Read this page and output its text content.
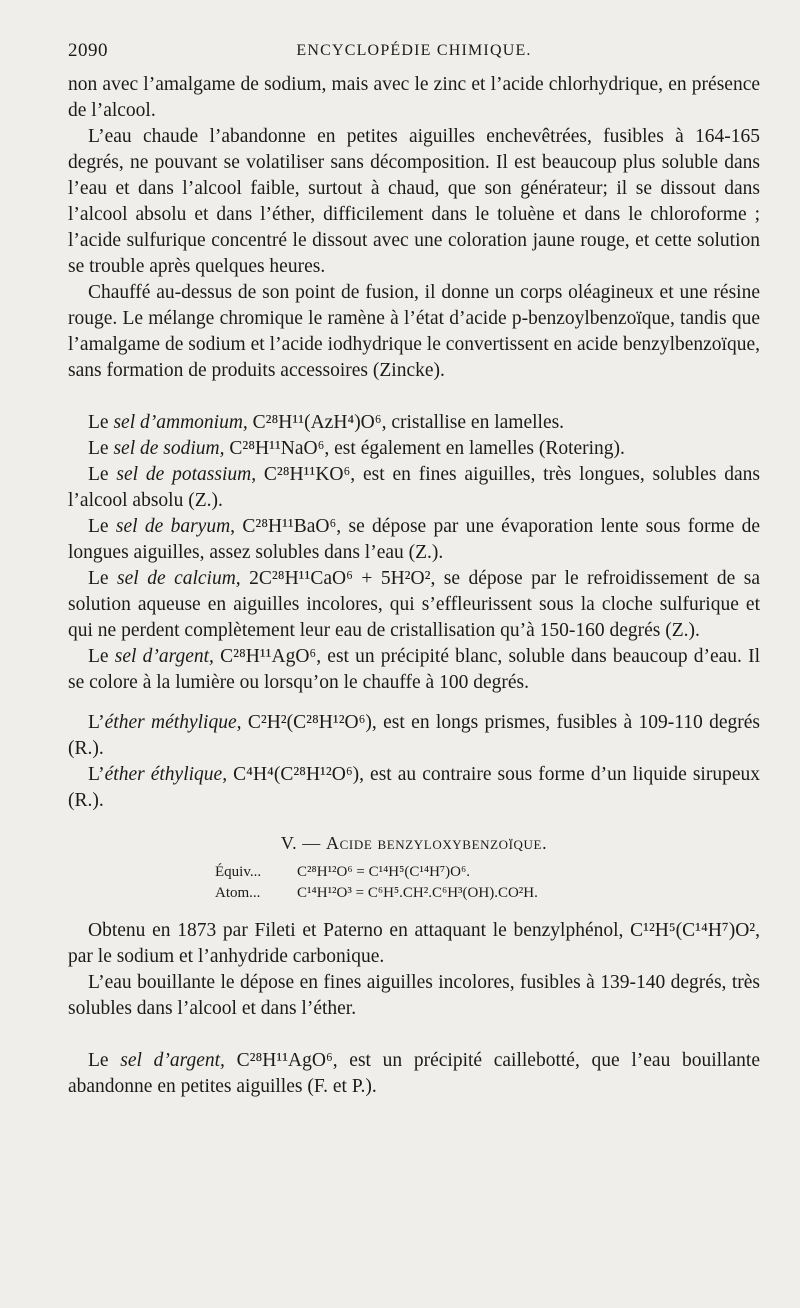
2090	ENCYCLOPÉDIE CHIMIQUE.

non avec l’amalgame de sodium, mais avec le zinc et l’acide chlorhydrique, en présence de l’alcool.

L’eau chaude l’abandonne en petites aiguilles enchevêtrées, fusibles à 164-165 degrés, ne pouvant se volatiliser sans décomposition. Il est beaucoup plus soluble dans l’eau et dans l’alcool faible, surtout à chaud, que son générateur; il se dissout dans l’alcool absolu et dans l’éther, difficilement dans le toluène et dans le chloroforme ; l’acide sulfurique concentré le dissout avec une coloration jaune rouge, et cette solution se trouble après quelques heures.

Chauffé au-dessus de son point de fusion, il donne un corps oléagineux et une résine rouge. Le mélange chromique le ramène à l’état d’acide p-benzoylbenzoïque, tandis que l’amalgame de sodium et l’acide iodhydrique le convertissent en acide benzylbenzoïque, sans formation de produits accessoires (Zincke).

Le sel d’ammonium, C²⁸H¹¹(AzH⁴)O⁶, cristallise en lamelles.

Le sel de sodium, C²⁸H¹¹NaO⁶, est également en lamelles (Rotering).

Le sel de potassium, C²⁸H¹¹KO⁶, est en fines aiguilles, très longues, solubles dans l’alcool absolu (Z.).

Le sel de baryum, C²⁸H¹¹BaO⁶, se dépose par une évaporation lente sous forme de longues aiguilles, assez solubles dans l’eau (Z.).

Le sel de calcium, 2C²⁸H¹¹CaO⁶ + 5H²O², se dépose par le refroidissement de sa solution aqueuse en aiguilles incolores, qui s’effleurissent sous la cloche sulfurique et qui ne perdent complètement leur eau de cristallisation qu’à 150-160 degrés (Z.).

Le sel d’argent, C²⁸H¹¹AgO⁶, est un précipité blanc, soluble dans beaucoup d’eau. Il se colore à la lumière ou lorsqu’on le chauffe à 100 degrés.

L’éther méthylique, C²H²(C²⁸H¹²O⁶), est en longs prismes, fusibles à 109-110 degrés (R.).

L’éther éthylique, C⁴H⁴(C²⁸H¹²O⁶), est au contraire sous forme d’un liquide sirupeux (R.).

V. — Acide benzyloxybenzoïque.
Équiv... C²⁸H¹²O⁶ = C¹⁴H⁵(C¹⁴H⁷)O⁶.
Atom... C¹⁴H¹²O³ = C⁶H⁵.CH².C⁶H³(OH).CO²H.

Obtenu en 1873 par Fileti et Paterno en attaquant le benzylphénol, C¹²H⁵(C¹⁴H⁷)O², par le sodium et l’anhydride carbonique.

L’eau bouillante le dépose en fines aiguilles incolores, fusibles à 139-140 degrés, très solubles dans l’alcool et dans l’éther.

Le sel d’argent, C²⁸H¹¹AgO⁶, est un précipité caillebotté, que l’eau bouillante abandonne en petites aiguilles (F. et P.).
